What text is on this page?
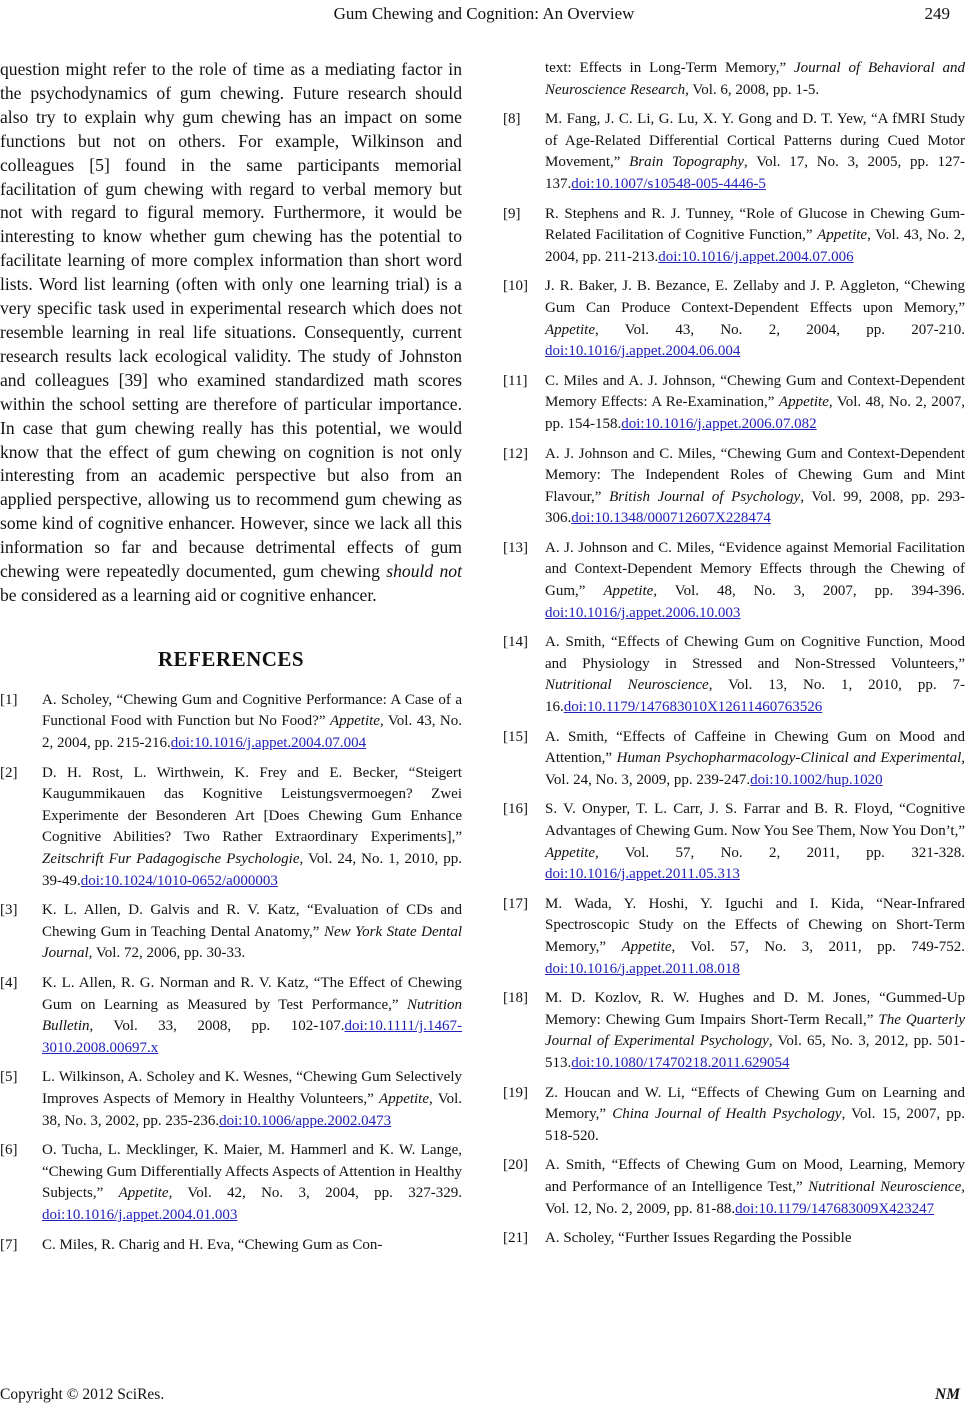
Gum Chewing and Cognition: An Overview	249

question might refer to the role of time as a mediating factor in the psychodynamics of gum chewing. Future research should also try to explain why gum chewing has an impact on some functions but not on others. For example, Wilkinson and colleagues [5] found in the same participants memorial facilitation of gum chewing with regard to verbal memory but not with regard to figural memory. Furthermore, it would be interesting to know whether gum chewing has the potential to facilitate learning of more complex information than short word lists. Word list learning (often with only one learning trial) is a very specific task used in experimental research which does not resemble learning in real life situations. Consequently, current research results lack ecological validity. The study of Johnston and colleagues [39] who examined standardized math scores within the school setting are therefore of particular importance. In case that gum chewing really has this potential, we would know that the effect of gum chewing on cognition is not only interesting from an academic perspective but also from an applied perspective, allowing us to recommend gum chewing as some kind of cognitive enhancer. However, since we lack all this information so far and because detrimental effects of gum chewing were repeatedly documented, gum chewing should not be considered as a learning aid or cognitive enhancer.

REFERENCES
[1] A. Scholey, “Chewing Gum and Cognitive Performance: A Case of a Functional Food with Function but No Food?” Appetite, Vol. 43, No. 2, 2004, pp. 215-216.doi:10.1016/j.appet.2004.07.004
[2] D. H. Rost, L. Wirthwein, K. Frey and E. Becker, “Steigert Kaugummikauen das Kognitive Leistungsvermoegen? Zwei Experimente der Besonderen Art [Does Chewing Gum Enhance Cognitive Abilities? Two Rather Extraordinary Experiments],” Zeitschrift Fur Padagogische Psychologie, Vol. 24, No. 1, 2010, pp. 39-49.doi:10.1024/1010-0652/a000003
[3] K. L. Allen, D. Galvis and R. V. Katz, “Evaluation of CDs and Chewing Gum in Teaching Dental Anatomy,” New York State Dental Journal, Vol. 72, 2006, pp. 30-33.
[4] K. L. Allen, R. G. Norman and R. V. Katz, “The Effect of Chewing Gum on Learning as Measured by Test Performance,” Nutrition Bulletin, Vol. 33, 2008, pp. 102-107.doi:10.1111/j.1467-3010.2008.00697.x
[5] L. Wilkinson, A. Scholey and K. Wesnes, “Chewing Gum Selectively Improves Aspects of Memory in Healthy Volunteers,” Appetite, Vol. 38, No. 3, 2002, pp. 235-236.doi:10.1006/appe.2002.0473
[6] O. Tucha, L. Mecklinger, K. Maier, M. Hammerl and K. W. Lange, “Chewing Gum Differentially Affects Aspects of Attention in Healthy Subjects,” Appetite, Vol. 42, No. 3, 2004, pp. 327-329. doi:10.1016/j.appet.2004.01.003
[7] C. Miles, R. Charig and H. Eva, “Chewing Gum as Con-
text: Effects in Long-Term Memory,” Journal of Behavioral and Neuroscience Research, Vol. 6, 2008, pp. 1-5.
[8] M. Fang, J. C. Li, G. Lu, X. Y. Gong and D. T. Yew, “A fMRI Study of Age-Related Differential Cortical Patterns during Cued Motor Movement,” Brain Topography, Vol. 17, No. 3, 2005, pp. 127-137.doi:10.1007/s10548-005-4446-5
[9] R. Stephens and R. J. Tunney, “Role of Glucose in Chewing Gum-Related Facilitation of Cognitive Function,” Appetite, Vol. 43, No. 2, 2004, pp. 211-213.doi:10.1016/j.appet.2004.07.006
[10] J. R. Baker, J. B. Bezance, E. Zellaby and J. P. Aggleton, “Chewing Gum Can Produce Context-Dependent Effects upon Memory,” Appetite, Vol. 43, No. 2, 2004, pp. 207-210. doi:10.1016/j.appet.2004.06.004
[11] C. Miles and A. J. Johnson, “Chewing Gum and Context-Dependent Memory Effects: A Re-Examination,” Appetite, Vol. 48, No. 2, 2007, pp. 154-158.doi:10.1016/j.appet.2006.07.082
[12] A. J. Johnson and C. Miles, “Chewing Gum and Context-Dependent Memory: The Independent Roles of Chewing Gum and Mint Flavour,” British Journal of Psychology, Vol. 99, 2008, pp. 293-306.doi:10.1348/000712607X228474
[13] A. J. Johnson and C. Miles, “Evidence against Memorial Facilitation and Context-Dependent Memory Effects through the Chewing of Gum,” Appetite, Vol. 48, No. 3, 2007, pp. 394-396. doi:10.1016/j.appet.2006.10.003
[14] A. Smith, “Effects of Chewing Gum on Cognitive Function, Mood and Physiology in Stressed and Non-Stressed Volunteers,” Nutritional Neuroscience, Vol. 13, No. 1, 2010, pp. 7-16.doi:10.1179/147683010X12611460763526
[15] A. Smith, “Effects of Caffeine in Chewing Gum on Mood and Attention,” Human Psychopharmacology-Clinical and Experimental, Vol. 24, No. 3, 2009, pp. 239-247.doi:10.1002/hup.1020
[16] S. V. Onyper, T. L. Carr, J. S. Farrar and B. R. Floyd, “Cognitive Advantages of Chewing Gum. Now You See Them, Now You Don’t,” Appetite, Vol. 57, No. 2, 2011, pp. 321-328. doi:10.1016/j.appet.2011.05.313
[17] M. Wada, Y. Hoshi, Y. Iguchi and I. Kida, “Near-Infrared Spectroscopic Study on the Effects of Chewing on Short-Term Memory,” Appetite, Vol. 57, No. 3, 2011, pp. 749-752. doi:10.1016/j.appet.2011.08.018
[18] M. D. Kozlov, R. W. Hughes and D. M. Jones, “Gummed-Up Memory: Chewing Gum Impairs Short-Term Recall,” The Quarterly Journal of Experimental Psychology, Vol. 65, No. 3, 2012, pp. 501-513.doi:10.1080/17470218.2011.629054
[19] Z. Houcan and W. Li, “Effects of Chewing Gum on Learning and Memory,” China Journal of Health Psychology, Vol. 15, 2007, pp. 518-520.
[20] A. Smith, “Effects of Chewing Gum on Mood, Learning, Memory and Performance of an Intelligence Test,” Nutritional Neuroscience, Vol. 12, No. 2, 2009, pp. 81-88.doi:10.1179/147683009X423247
[21] A. Scholey, “Further Issues Regarding the Possible
Copyright © 2012 SciRes.	NM
